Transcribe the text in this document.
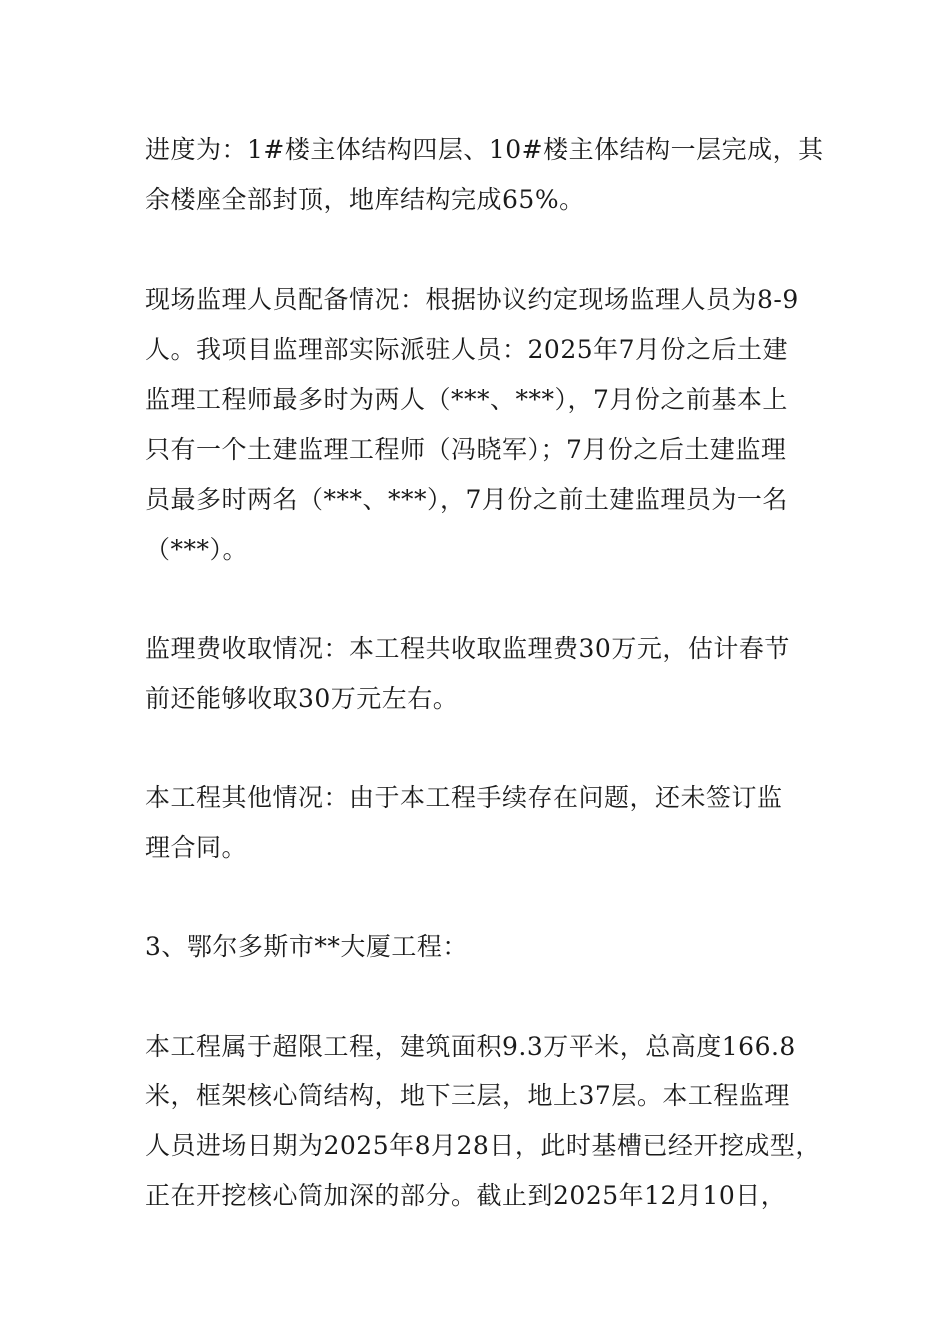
进度为：1#楼主体结构四层、10#楼主体结构一层完成，其
余楼座全部封顶，地库结构完成65%。
现场监理人员配备情况：根据协议约定现场监理人员为8-9
人。我项目监理部实际派驻人员：2025年7月份之后土建
监理工程师最多时为两人（***、***），7月份之前基本上
只有一个土建监理工程师（冯晓军）；7月份之后土建监理
员最多时两名（***、***），7月份之前土建监理员为一名
（***）。
监理费收取情况：本工程共收取监理费30万元，估计春节
前还能够收取30万元左右。
本工程其他情况：由于本工程手续存在问题，还未签订监
理合同。
3、鄂尔多斯市**大厦工程：
本工程属于超限工程，建筑面积9.3万平米，总高度166.8
米，框架核心筒结构，地下三层，地上37层。本工程监理
人员进场日期为2025年8月28日，此时基槽已经开挖成型，
正在开挖核心筒加深的部分。截止到2025年12月10日，
